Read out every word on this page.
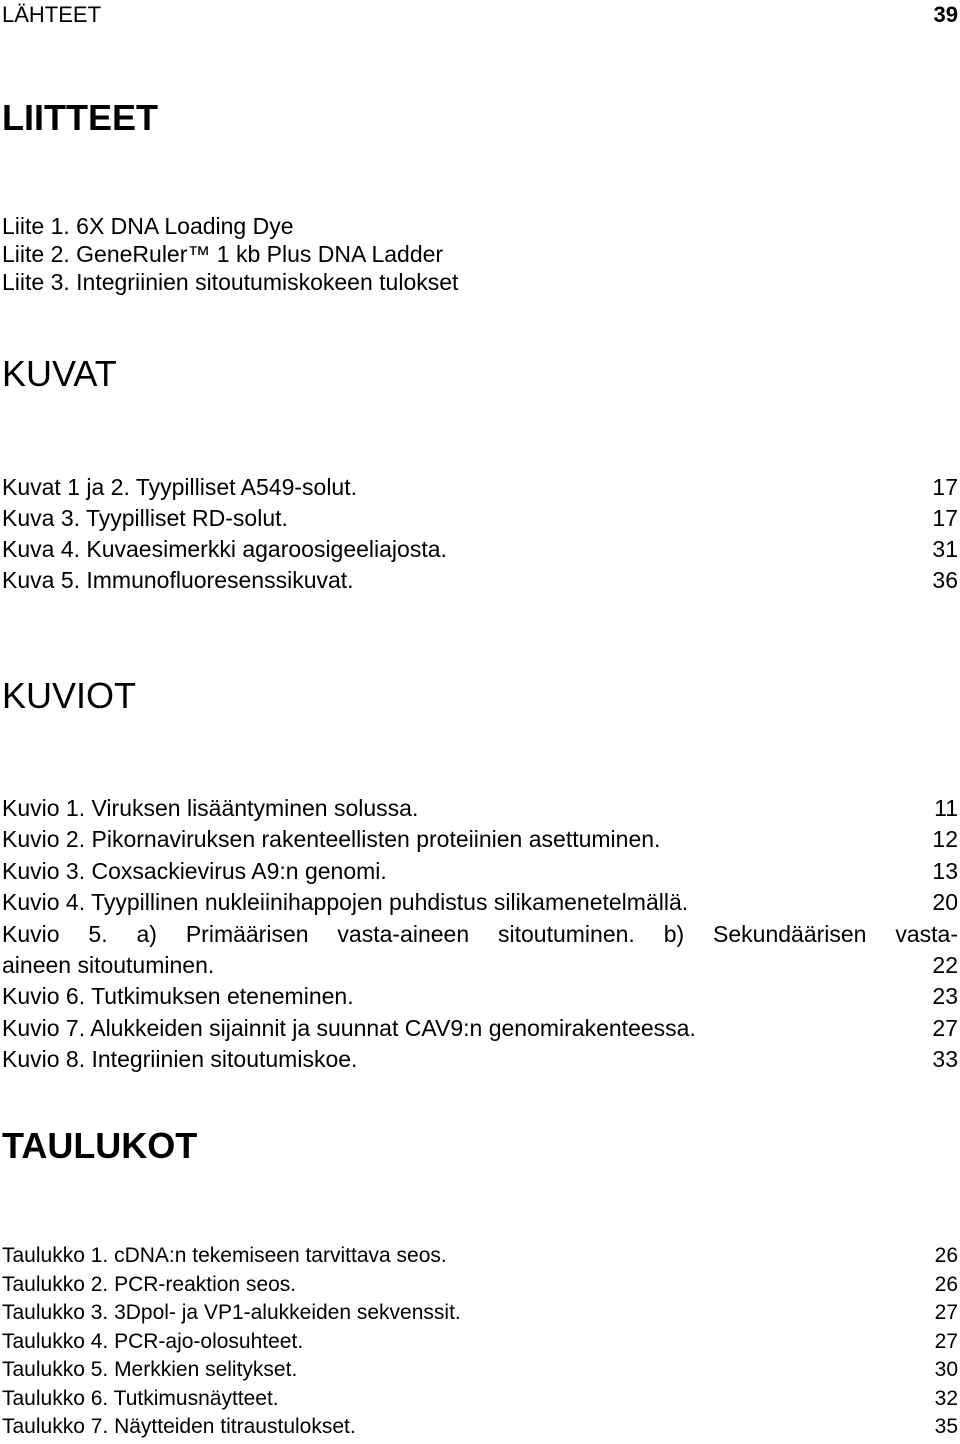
LÄHTEET	39
LIITTEET
Liite 1. 6X DNA Loading Dye
Liite 2. GeneRuler™ 1 kb Plus DNA Ladder
Liite 3. Integriinien sitoutumiskokeen tulokset
KUVAT
Kuvat 1 ja 2. Tyypilliset A549-solut.	17
Kuva 3. Tyypilliset RD-solut.	17
Kuva 4. Kuvaesimerkki agaroosigeeliajosta.	31
Kuva 5. Immunofluoresenssikuvat.	36
KUVIOT
Kuvio 1. Viruksen lisääntyminen solussa.	11
Kuvio 2. Pikornaviruksen rakenteellisten proteiinien asettuminen.	12
Kuvio 3. Coxsackievirus A9:n genomi.	13
Kuvio 4. Tyypillinen nukleiinihappojen puhdistus silikamenetelmällä.	20
Kuvio 5. a) Primäärisen vasta-aineen sitoutuminen. b) Sekundäärisen vasta-
aineen sitoutuminen.	22
Kuvio 6. Tutkimuksen eteneminen.	23
Kuvio 7. Alukkeiden sijainnit ja suunnat CAV9:n genomirakenteessa.	27
Kuvio 8. Integriinien sitoutumiskoe.	33
TAULUKOT
Taulukko 1. cDNA:n tekemiseen tarvittava seos.	26
Taulukko 2. PCR-reaktion seos.	26
Taulukko 3. 3Dpol- ja VP1-alukkeiden sekvenssit.	27
Taulukko 4. PCR-ajo-olosuhteet.	27
Taulukko 5. Merkkien selitykset.	30
Taulukko 6. Tutkimusnäytteet.	32
Taulukko 7. Näytteiden titraustulokset.	35
